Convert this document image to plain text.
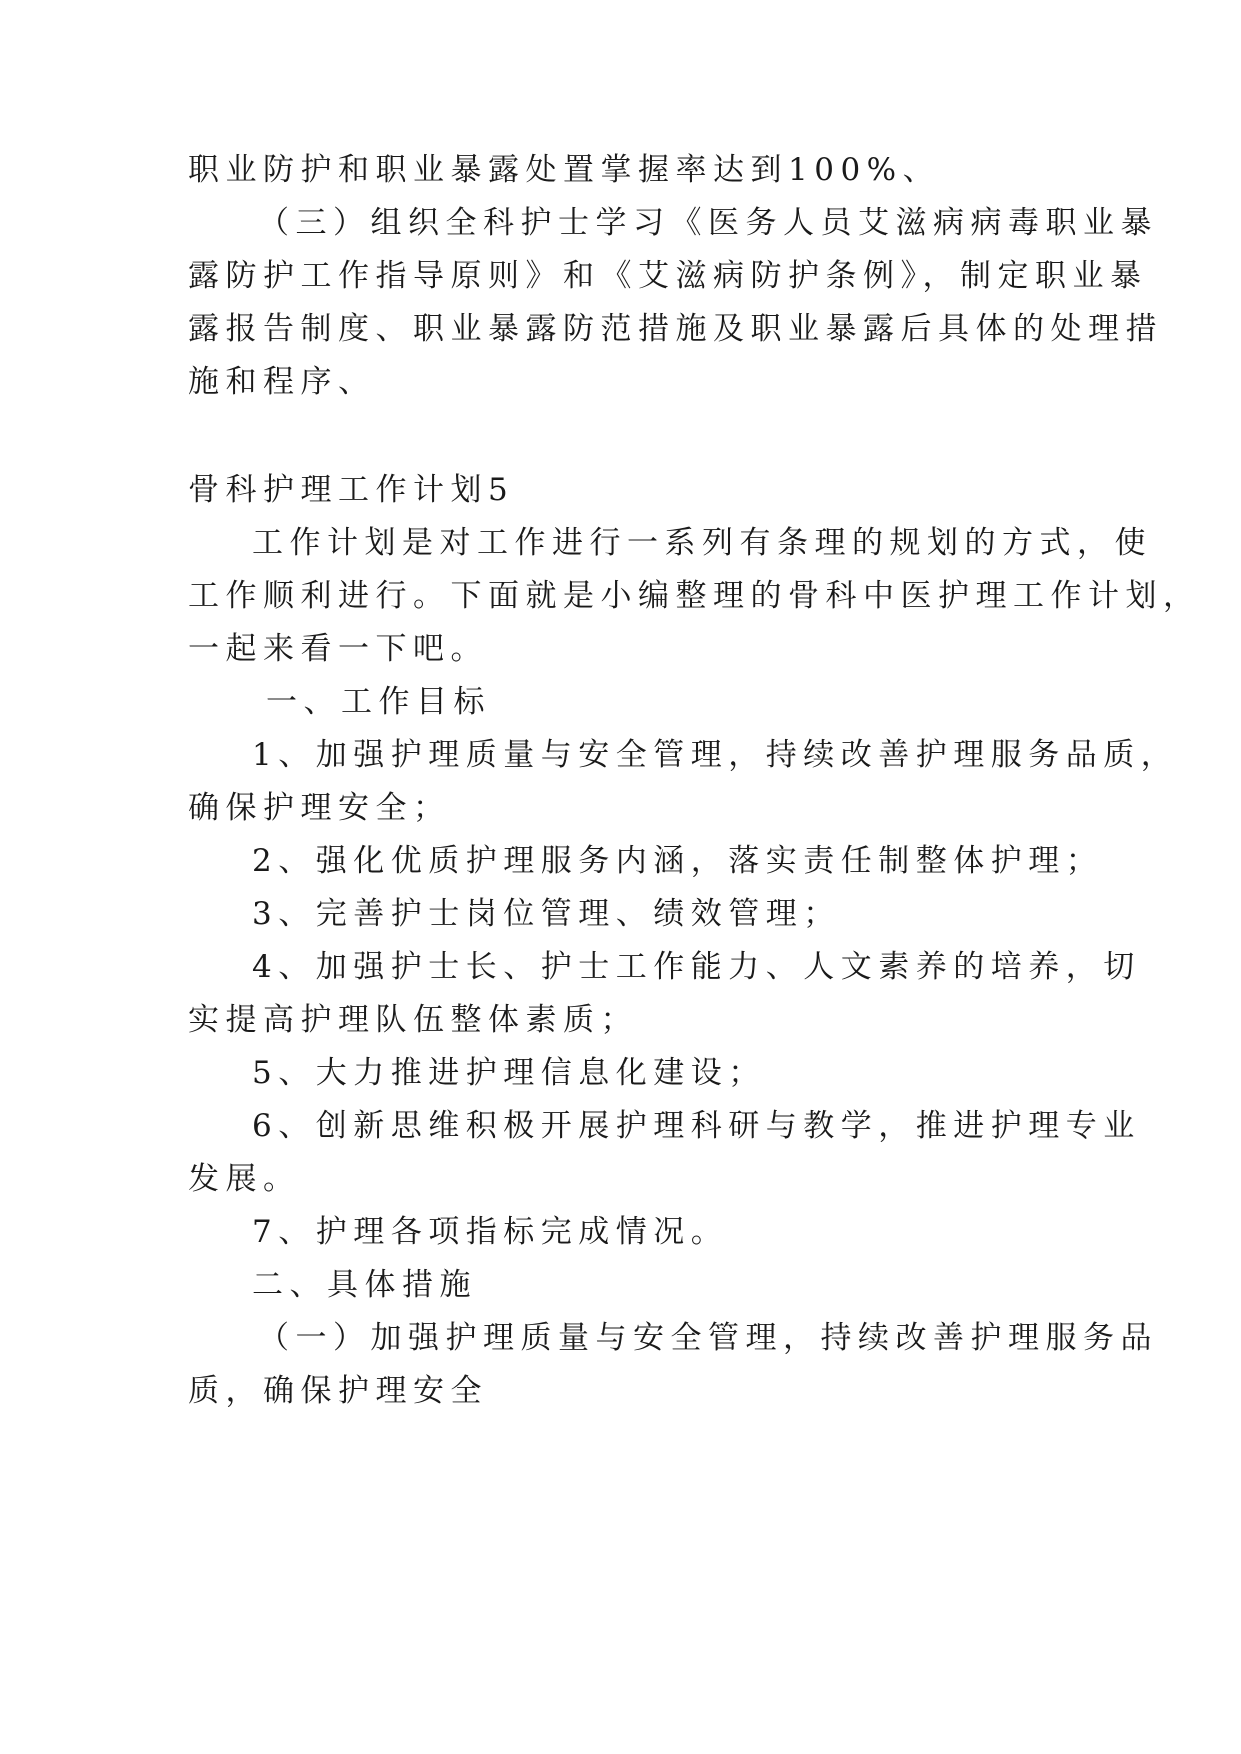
职业防护和职业暴露处置掌握率达到100%、
（三）组织全科护士学习《医务人员艾滋病病毒职业暴
露防护工作指导原则》和《艾滋病防护条例》，制定职业暴
露报告制度、职业暴露防范措施及职业暴露后具体的处理措
施和程序、
骨科护理工作计划5
工作计划是对工作进行一系列有条理的规划的方式，使
工作顺利进行。下面就是小编整理的骨科中医护理工作计划，
一起来看一下吧。
一、工作目标
1、加强护理质量与安全管理，持续改善护理服务品质，
确保护理安全；
2、强化优质护理服务内涵，落实责任制整体护理；
3、完善护士岗位管理、绩效管理；
4、加强护士长、护士工作能力、人文素养的培养，切
实提高护理队伍整体素质；
5、大力推进护理信息化建设；
6、创新思维积极开展护理科研与教学，推进护理专业
发展。
7、护理各项指标完成情况。
二、具体措施
（一）加强护理质量与安全管理，持续改善护理服务品
质，确保护理安全
